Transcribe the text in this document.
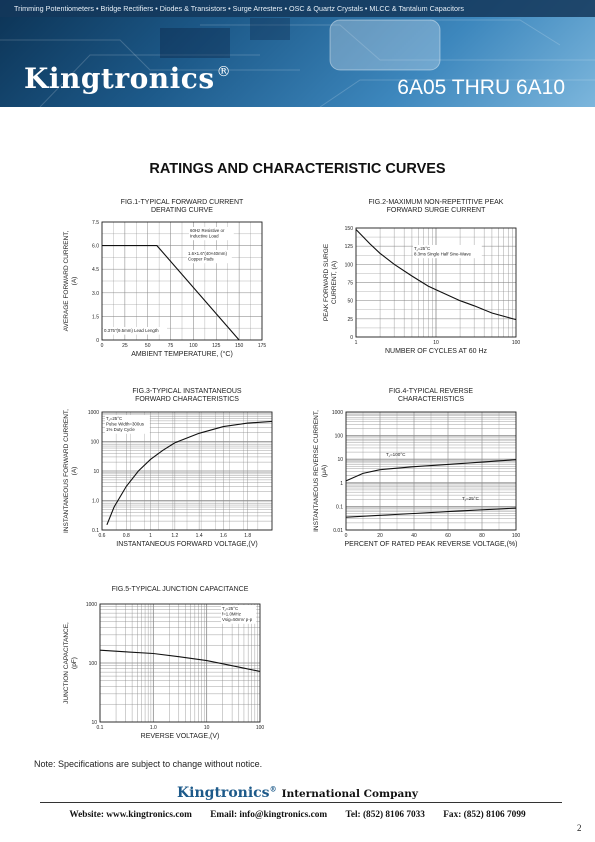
Trimming Potentiometers • Bridge Rectifiers • Diodes & Transistors • Surge Arresters • OSC & Quartz Crystals • MLCC & Tantalum Capacitors
Kingtronics ®
6A05 THRU 6A10
RATINGS AND CHARACTERISTIC CURVES
FIG.1-TYPICAL FORWARD CURRENT
DERATING CURVE
0	25	50	75	100	125	150	175
0
1.5
3.0
4.5
6.0
7.5
AMBIENT TEMPERATURE, (°C)
AVERAGE FORWARD CURRENT, (A)
60Hz Resistive or
Inductive Load
1.6×1.6"(40×40mm)
Copper Pads
0.375"(9.5mm) Lead Length
FIG.2-MAXIMUM NON-REPETITIVE PEAK
FORWARD SURGE CURRENT
1	10	100
0
25
50
75
100
125
150
NUMBER OF CYCLES AT 60 Hz
PEAK FORWARD SURGE CURRENT, (A)
T⁁=25°C
8.3ms Single Half Sine-Wave
FIG.3-TYPICAL INSTANTANEOUS
FORWARD CHARACTERISTICS
0.6	0.8	1	1.2	1.4	1.6	1.8
0.1
1.0
10
100
1000
INSTANTANEOUS FORWARD VOLTAGE,(V)
INSTANTANEOUS FORWARD CURRENT, (A)
T⁁=25°C
Pulse Width=300us
1% Duty Cycle
FIG.4-TYPICAL REVERSE
CHARACTERISTICS
0	20	40	60	80	100
0.01
0.1
1
10
100
1000
PERCENT OF RATED PEAK REVERSE VOLTAGE,(%)
INSTANTANEOUS REVERSE CURRENT, (μA)
T⁁=100°C
T⁁=25°C
FIG.5-TYPICAL JUNCTION CAPACITANCE
0.1	1.0	10	100
10
100
1000
REVERSE VOLTAGE,(V)
JUNCTION CAPACITANCE, (pF)
T⁁=25°C
f=1.0MHz
Vsig=50mV p-p
Note: Specifications are subject to change without notice.
Kingtronics® International Company
Website: www.kingtronics.com Email: info@kingtronics.com Tel: (852) 8106 7033 Fax: (852) 8106 7099
2
